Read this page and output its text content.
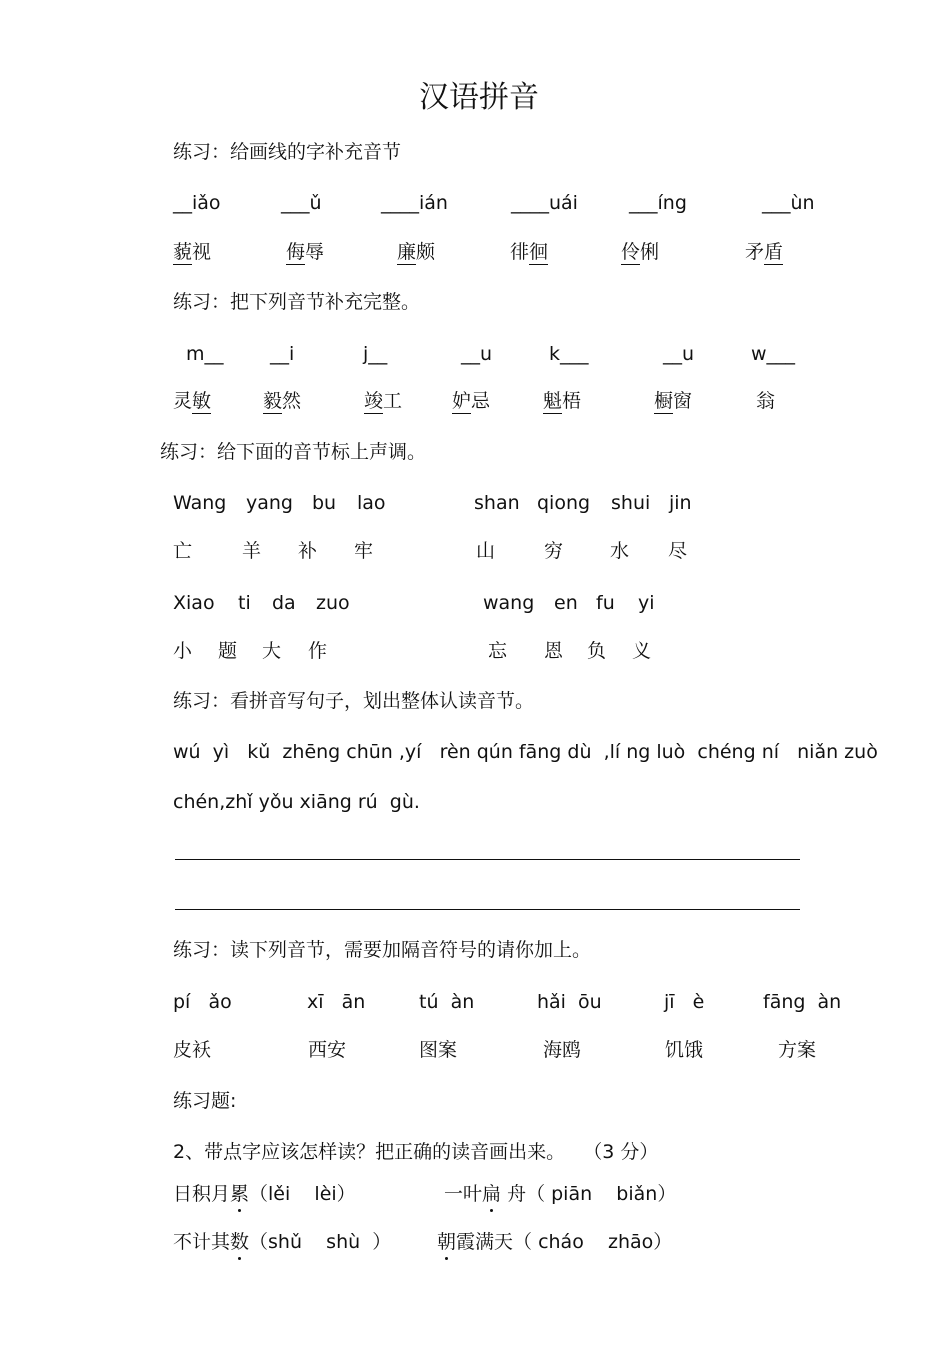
汉语拼音
练习：给画线的字补充音节
__iǎo	___ǔ	____ián	____uái	___íng	___ùn
藐视	侮辱	廉颇	徘徊	伶俐	矛盾
练习：把下列音节补充完整。
m__ __i	j__	__u	k___	__u	w___
灵敏	毅然	竣工	妒忌	魁梧	橱窗	翁
练习：给下面的音节标上声调。
Wang yang bu lao
亡	羊 补 牢
shan qiong shui jin
山	穷 水 尽
Xiao ti da zuo
小 题 大 作
wang en fu yi
忘 恩 负 义
练习：看拼音写句子，划出整体认读音节。
wú  yì   kǔ  zhēng chūn ,yí   rèn qún fāng dù  ,lí ng luò  chéng ní   niǎn zuò
chén,zhǐ yǒu xiāng rú  gù.
练习：读下列音节，需要加隔音符号的请你加上。
pí   ǎo	xī   ān	tú  àn	hǎi  ōu	jī   è	fāng  àn
皮袄	西安	图案	海鸥	饥饿	方案
练习题:
2、带点字应该怎样读？把正确的读音画出来。   （3 分）
日积月累（lěi    lèi）	一叶扁 舟（ piān    biǎn）
不计其数（shǔ    shù  ） 朝霞满天（ cháo    zhāo）
